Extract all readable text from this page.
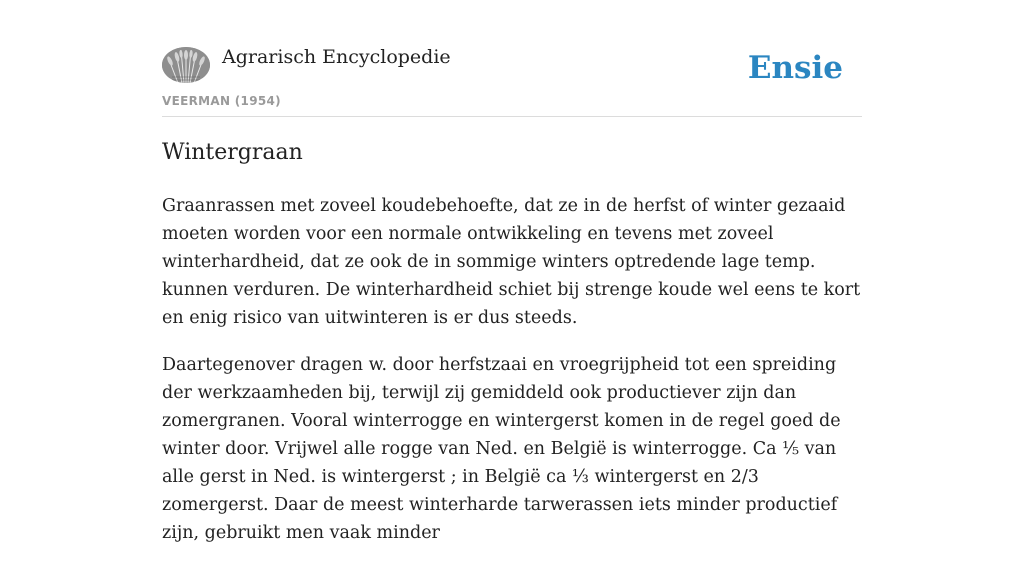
Agrarisch Encyclopedie
VEERMAN (1954)
Ensie
Wintergraan

Graanrassen met zoveel koudebehoefte, dat ze in de herfst of winter gezaaid moeten worden voor een normale ontwikkeling en tevens met zoveel winterhardheid, dat ze ook de in sommige winters optredende lage temp. kunnen verduren. De winterhardheid schiet bij strenge koude wel eens te kort en enig risico van uitwinteren is er dus steeds.

Daartegenover dragen w. door herfstzaai en vroegrijpheid tot een spreiding der werkzaamheden bij, terwijl zij gemiddeld ook productiever zijn dan zomergranen. Vooral winterrogge en wintergerst komen in de regel goed de winter door. Vrijwel alle rogge van Ned. en België is winterrogge. Ca ⅕ van alle gerst in Ned. is wintergerst ; in België ca ⅓ wintergerst en 2/3 zomergerst. Daar de meest winterharde tarwerassen iets minder productief zijn, gebruikt men vaak minder
